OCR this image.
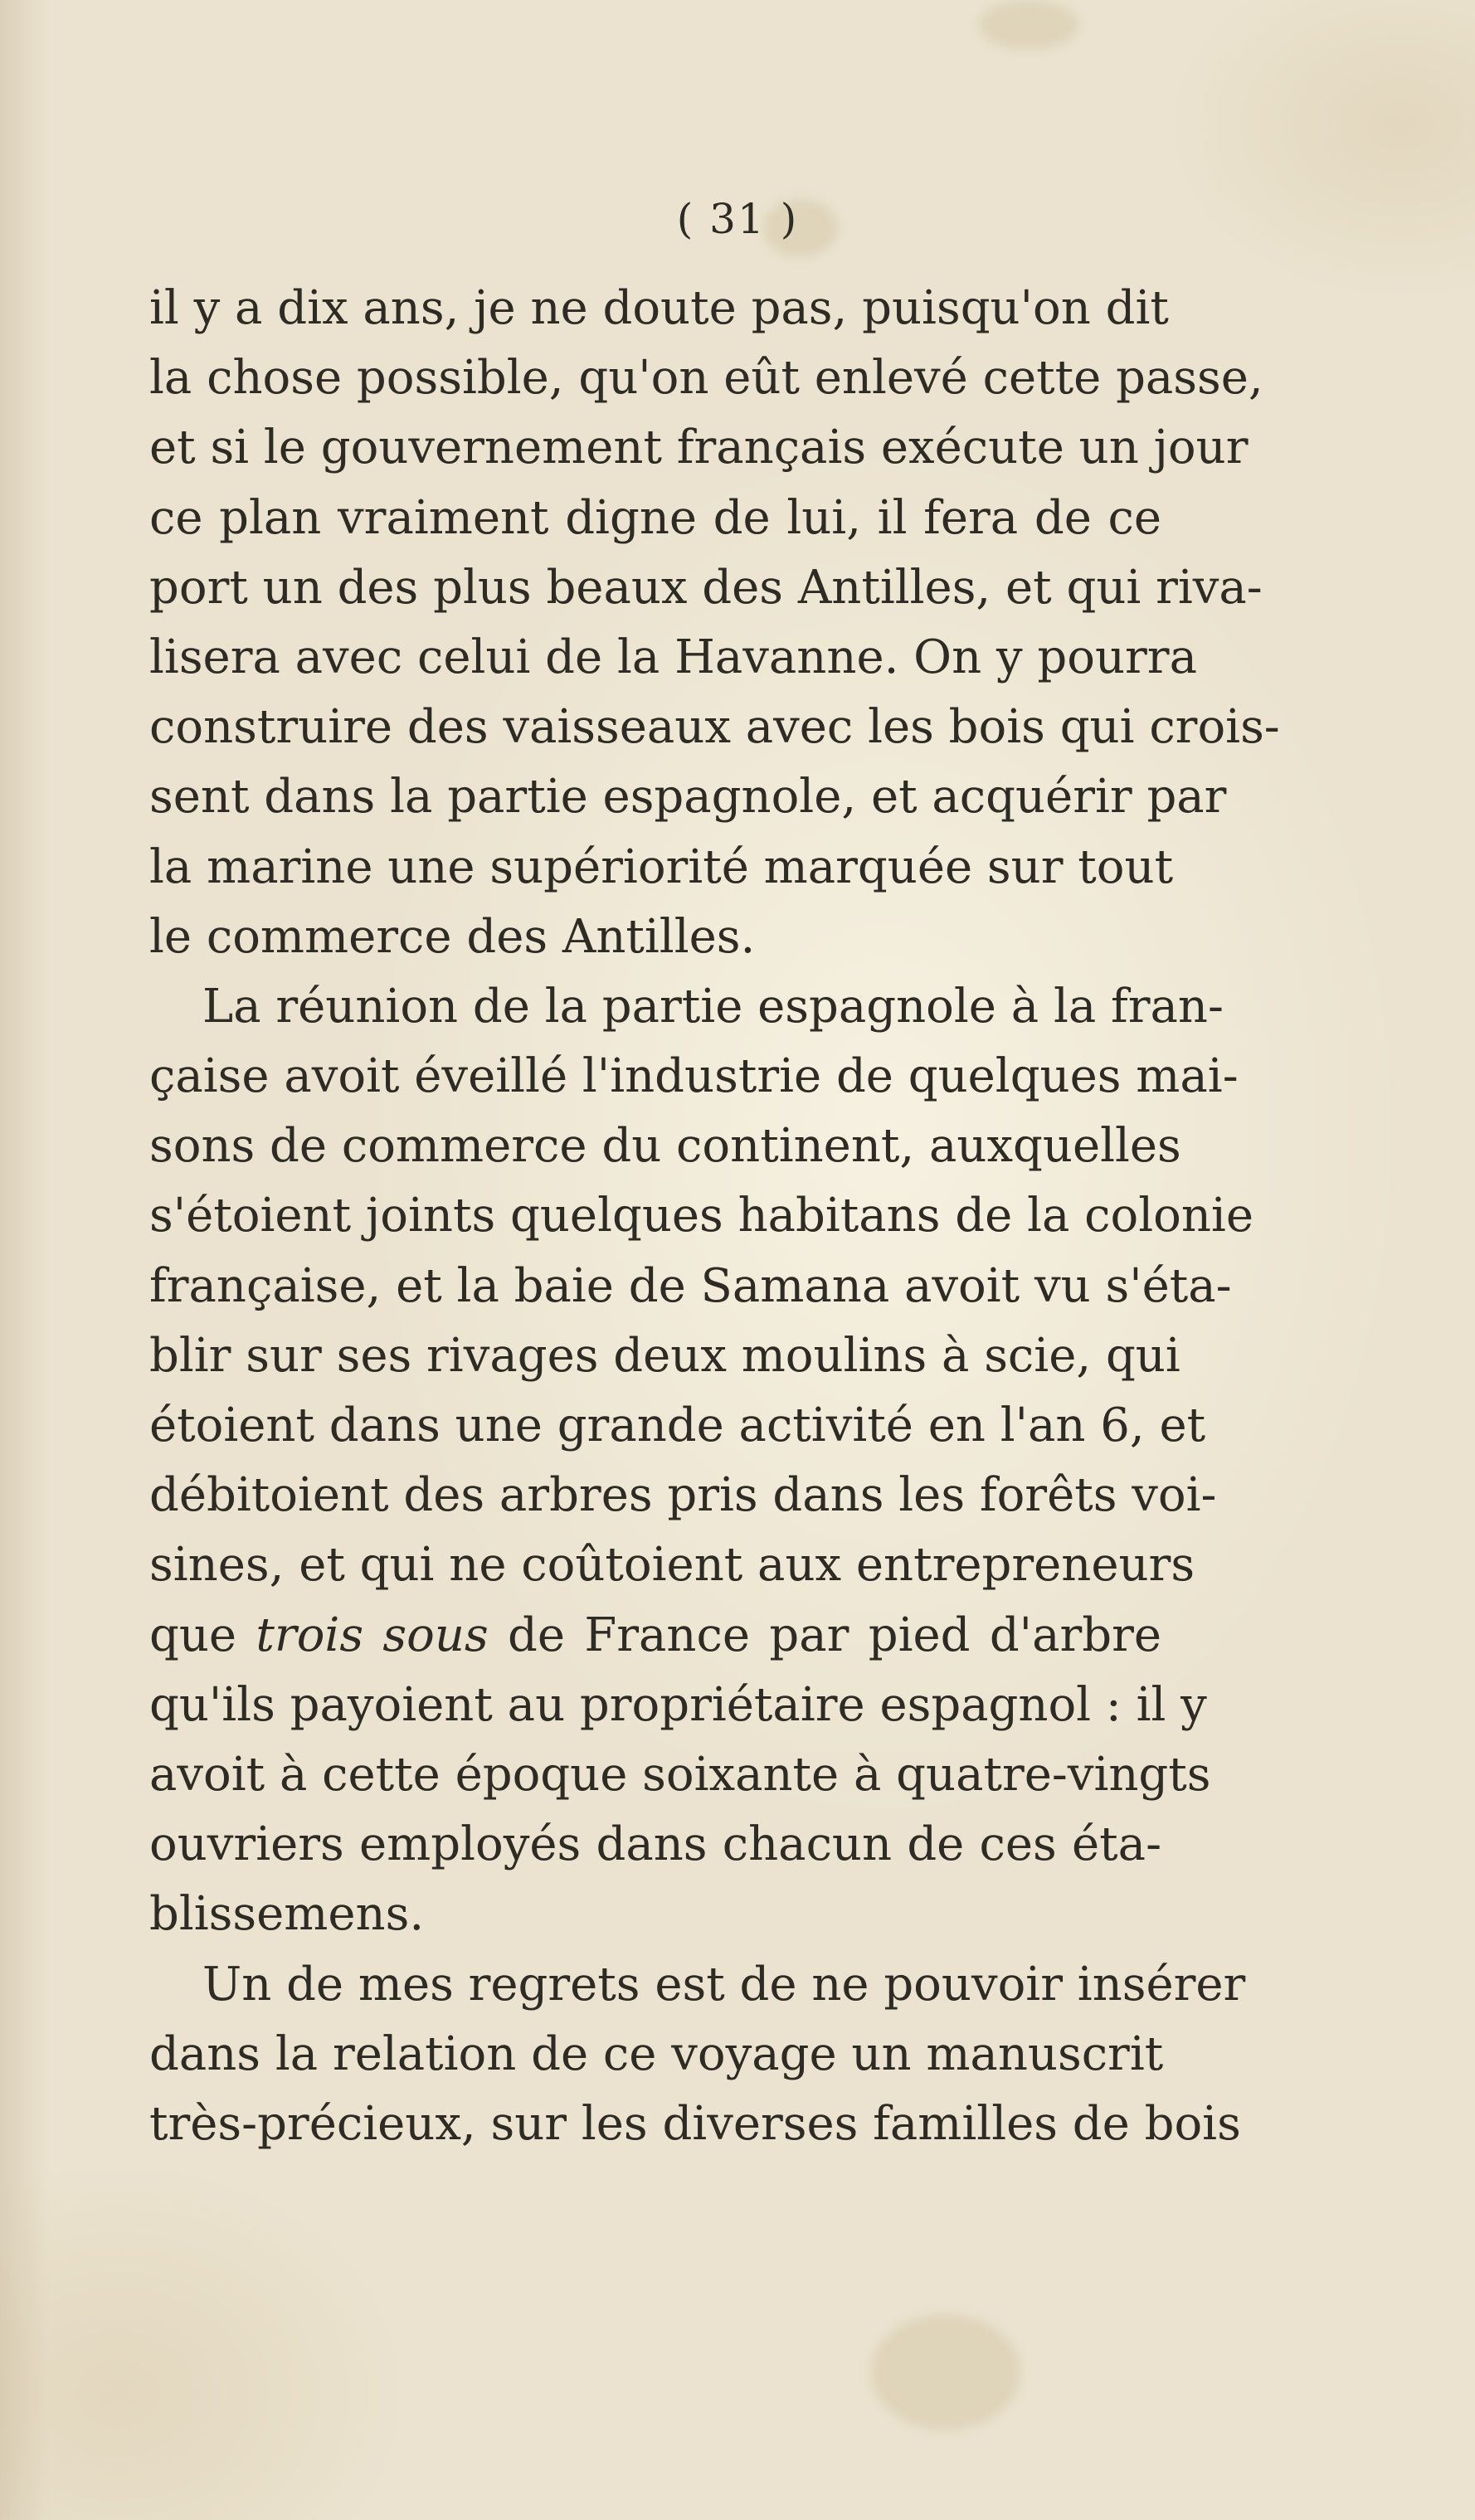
( 31 )
il y a dix ans, je ne doute pas, puisqu'on dit
la chose possible, qu'on eût enlevé cette passe,
et si le gouvernement français exécute un jour
ce plan vraiment digne de lui, il fera de ce
port un des plus beaux des Antilles, et qui riva-
lisera avec celui de la Havanne. On y pourra
construire des vaisseaux avec les bois qui crois-
sent dans la partie espagnole, et acquérir par
la marine une supériorité marquée sur tout
le commerce des Antilles.
La réunion de la partie espagnole à la fran-
çaise avoit éveillé l'industrie de quelques mai-
sons de commerce du continent, auxquelles
s'étoient joints quelques habitans de la colonie
française, et la baie de Samana avoit vu s'éta-
blir sur ses rivages deux moulins à scie, qui
étoient dans une grande activité en l'an 6, et
débitoient des arbres pris dans les forêts voi-
sines, et qui ne coûtoient aux entrepreneurs
que trois sous de France par pied d'arbre
qu'ils payoient au propriétaire espagnol : il y
avoit à cette époque soixante à quatre-vingts
ouvriers employés dans chacun de ces éta-
blissemens.
Un de mes regrets est de ne pouvoir insérer
dans la relation de ce voyage un manuscrit
très-précieux, sur les diverses familles de bois
